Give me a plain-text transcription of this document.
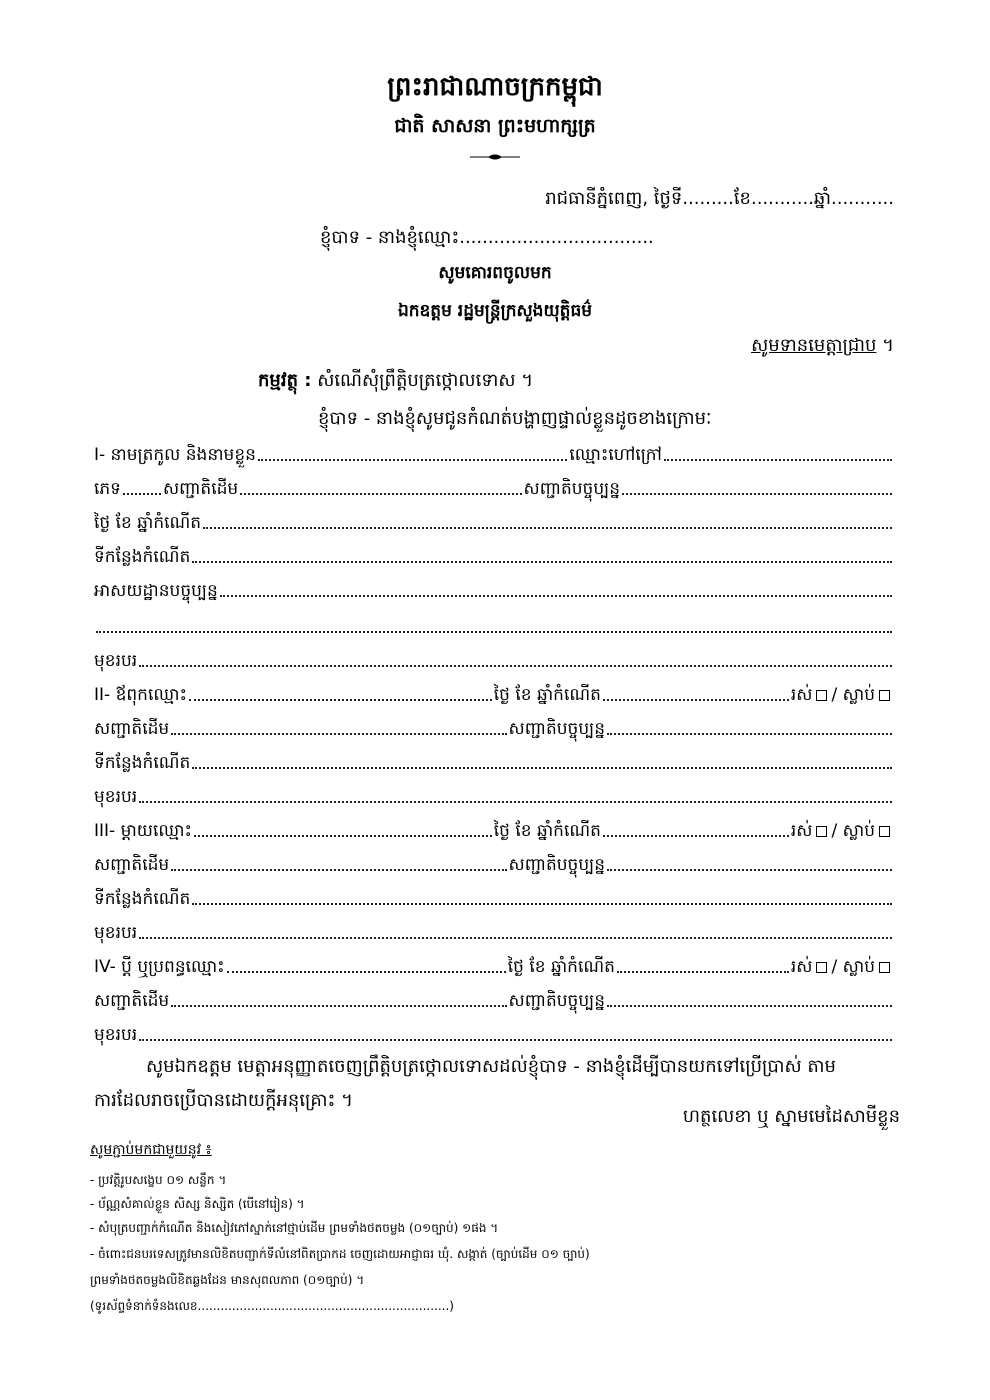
ព្រះរាជាណាចក្រកម្ពុជា
ជាតិ សាសនា ព្រះមហាក្សត្រ
រាជធានីភ្នំពេញ, ថ្ងៃទី.........ខែ...........ឆ្នាំ...........
ខ្ញុំបាទ - នាងខ្ញុំឈ្មោះ..................................
សូមគោរពចូលមក
ឯកឧត្តម រដ្ឋមន្ត្រីក្រសួងយុត្តិធម៌
សូមទានមេត្តាជ្រាប ។
កម្មវត្ថុ : សំណើសុំព្រឹត្តិបត្រថ្កោលទោស ។
ខ្ញុំបាទ - នាងខ្ញុំសូមជូនកំណត់បង្ហាញផ្ទាល់ខ្លួនដូចខាងក្រោមៈ
I- នាមត្រកូល និងនាមខ្លួន	ឈ្មោះហៅក្រៅ
ភេទ សញ្ជាតិដើម	សញ្ជាតិបច្ចុប្បន្ន
ថ្ងៃ ខែ ឆ្នាំកំណើត
ទីកន្លែងកំណើត
អាសយដ្ឋានបច្ចុប្បន្ន
មុខរបរ
II- ឪពុកឈ្មោះ	ថ្ងៃ ខែ ឆ្នាំកំណើត	រស់ / ស្លាប់
សញ្ជាតិដើម	សញ្ជាតិបច្ចុប្បន្ន
ទីកន្លែងកំណើត
មុខរបរ
III- ម្តាយឈ្មោះ	ថ្ងៃ ខែ ឆ្នាំកំណើត	រស់ / ស្លាប់
សញ្ជាតិដើម	សញ្ជាតិបច្ចុប្បន្ន
ទីកន្លែងកំណើត
មុខរបរ
IV- ប្តី ឬប្រពន្ធឈ្មោះ	ថ្ងៃ ខែ ឆ្នាំកំណើត	រស់ / ស្លាប់
សញ្ជាតិដើម	សញ្ជាតិបច្ចុប្បន្ន
មុខរបរ
សូមឯកឧត្តម មេត្តាអនុញ្ញាតចេញព្រឹត្តិបត្រថ្កោលទោសដល់ខ្ញុំបាទ - នាងខ្ញុំដើម្បីបានយកទៅប្រើប្រាស់ តាម
ការដែលរាចប្រើបានដោយក្តីអនុគ្រោះ ។
ហត្ថលេខា ឬ ស្នាមមេដៃសាមីខ្លួន
សូមភ្ជាប់មកជាមួយនូវ ៖
- ប្រវត្តិរូបសង្ខេប ០១ សន្លឹក ។
- ប័ណ្ណសំគាល់ខ្លួន សិស្ស និស្សិត (បើនៅរៀន) ។
- សំបុត្របញ្ជាក់កំណើត និងសៀវភៅស្នាក់នៅថ្មាប់ដើម ព្រមទាំងថតចម្លង (០១ច្បាប់) ១ផង ។
- ចំពោះជនបរទេសត្រូវមានលិខិតបញ្ជាក់ទីលំនៅពិតប្រាកដ ចេញដោយអាជ្ញាធរ ឃុំ. សង្កាត់ (ច្បាប់ដើម ០១ ច្បាប់)
ព្រមទាំងថតចម្លងលិខិតឆ្លងដែន មានសុពលភាព (០១ច្បាប់) ។
(ទូរស័ព្ទទំនាក់ទំនងលេខ..................................................................)
